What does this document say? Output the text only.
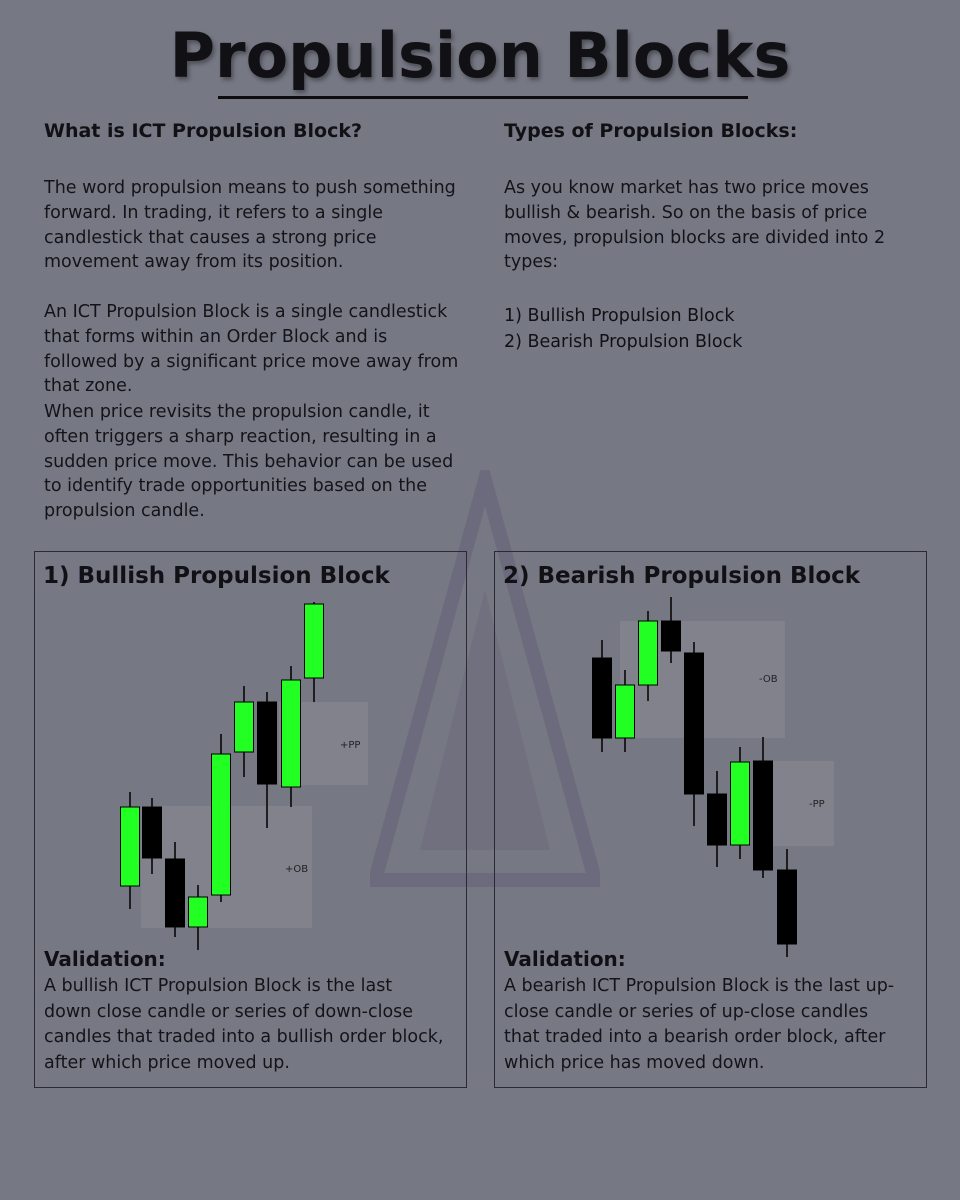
Propulsion Blocks
What is ICT Propulsion Block?

The word propulsion means to push something forward. In trading, it refers to a single candlestick that causes a strong price movement away from its position.

An ICT Propulsion Block is a single candlestick that forms within an Order Block and is followed by a significant price move away from that zone.

When price revisits the propulsion candle, it often triggers a sharp reaction, resulting in a sudden price move. This behavior can be used to identify trade opportunities based on the propulsion candle.

Types of Propulsion Blocks:

As you know market has two price moves bullish & bearish. So on the basis of price moves, propulsion blocks are divided into 2 types:

1) Bullish Propulsion Block
2) Bearish Propulsion Block
1) Bullish Propulsion Block
+OB
+PP
Validation:

A bullish ICT Propulsion Block is the last down close candle or series of down-close candles that traded into a bullish order block, after which price moved up.

2) Bearish Propulsion Block
-OB
-PP
Validation:

A bearish ICT Propulsion Block is the last up-close candle or series of up-close candles that traded into a bearish order block, after which price has moved down.
